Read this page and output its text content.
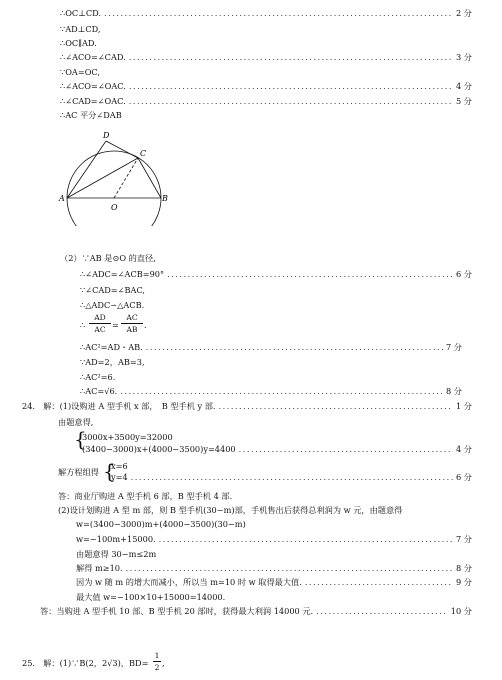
∴OC⊥CD. .....	2 分
∵AD⊥CD,
∴OC∥AD.
∴∠ACO=∠CAD. .....	3 分
∵OA=OC,
∴∠ACO=∠OAC. .....	4 分
∴∠CAD=∠OAC. .....	5 分
∴AC 平分∠DAB
D
C
A
O
B
（2）∵AB 是⊙O 的直径,
∴∠ADC=∠ACB=90° .....	6 分
∵∠CAD=∠BAC,
∴△ADC∽△ACB.
∴
AD
AC =
AC
AB .
∴AC²=AD・AB. .....	7 分
∵AD=2，AB=3,
∴AC²=6.
∴AC=√6. .....	8 分
24.　解：(1)设购进 A 型手机 x 部，　B 型手机 y 部. .....	1 分
由题意得,
{
3000x+3500y=32000
(3400−3000)x+(4000−3500)y=4400 .....	4 分
解方程组得 {
x=6
y=4 .....	6 分
答：商业厅购进 A 型手机 6 部，B 型手机 4 部.
(2)设计划购进 A 型 m 部，则 B 型手机(30−m)部，手机售出后获得总利润为 w 元，由题意得
w=(3400−3000)m+(4000−3500)(30−m)
w=−100m+15000. .....	7 分
由题意得 30−m≤2m
解得 m≥10. .....	8 分
因为 w 随 m 的增大而减小，所以当 m=10 时 w 取得最大值. .....	9 分
最大值 w=−100×10+15000=14000.
答：当购进 A 型手机 10 部、B 型手机 20 部时，获得最大利润 14000 元. .....	10 分
25.　解：(1)∵B(2，2√3)，BD=
1
2 ,
